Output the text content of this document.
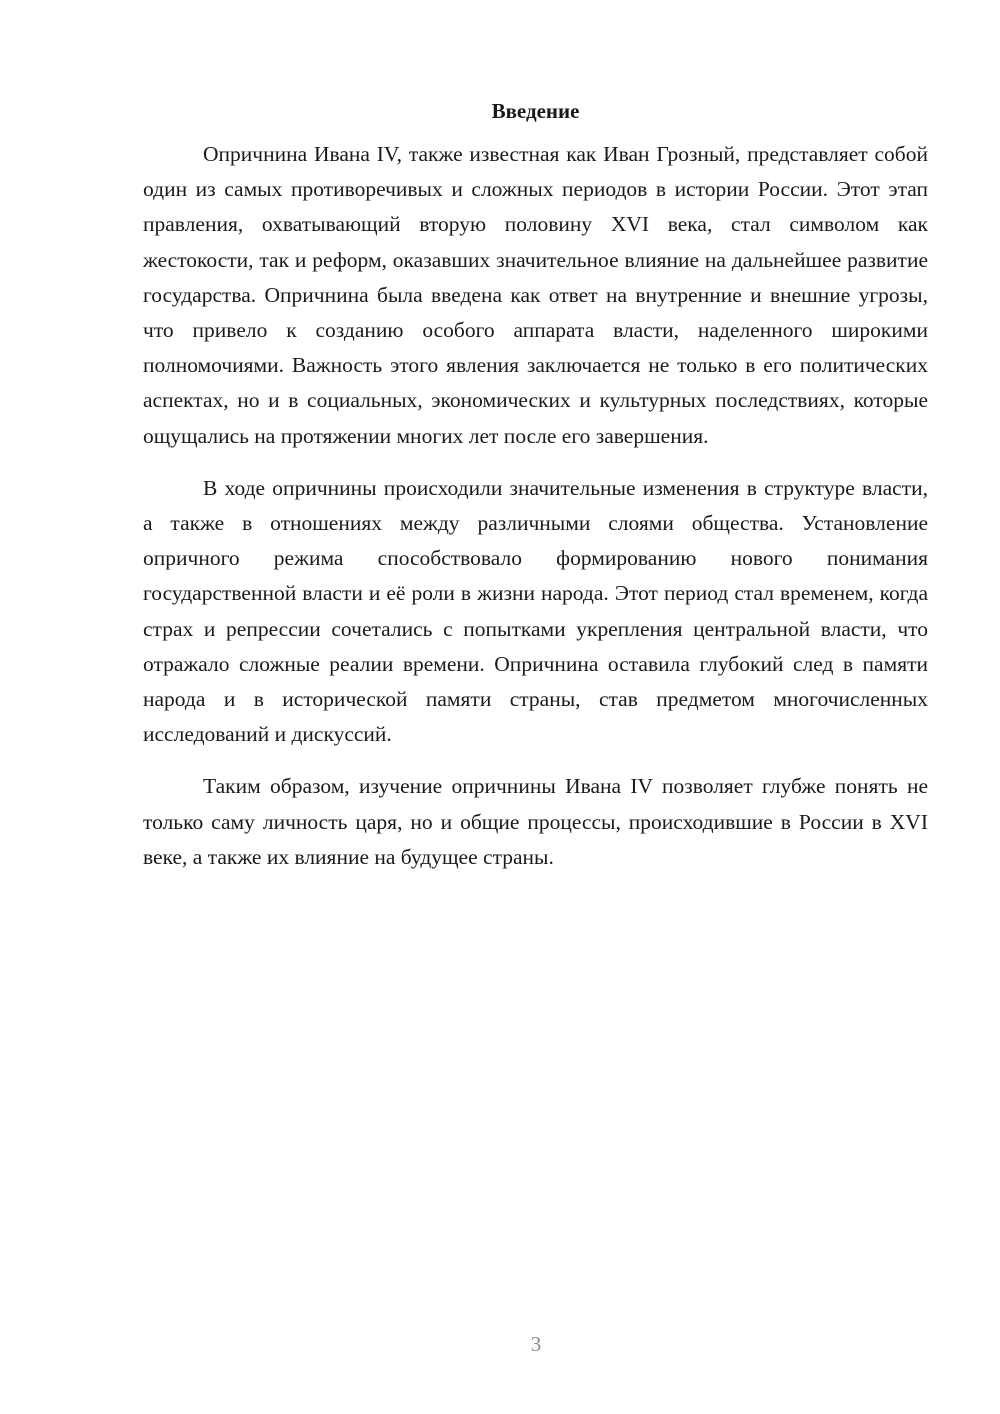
Введение

Опричнина Ивана IV, также известная как Иван Грозный, представляет собой один из самых противоречивых и сложных периодов в истории России. Этот этап правления, охватывающий вторую половину XVI века, стал символом как жестокости, так и реформ, оказавших значительное влияние на дальнейшее развитие государства. Опричнина была введена как ответ на внутренние и внешние угрозы, что привело к созданию особого аппарата власти, наделенного широкими полномочиями. Важность этого явления заключается не только в его политических аспектах, но и в социальных, экономических и культурных последствиях, которые ощущались на протяжении многих лет после его завершения.

В ходе опричнины происходили значительные изменения в структуре власти, а также в отношениях между различными слоями общества. Установление опричного режима способствовало формированию нового понимания государственной власти и её роли в жизни народа. Этот период стал временем, когда страх и репрессии сочетались с попытками укрепления центральной власти, что отражало сложные реалии времени. Опричнина оставила глубокий след в памяти народа и в исторической памяти страны, став предметом многочисленных исследований и дискуссий.

Таким образом, изучение опричнины Ивана IV позволяет глубже понять не только саму личность царя, но и общие процессы, происходившие в России в XVI веке, а также их влияние на будущее страны.

3
